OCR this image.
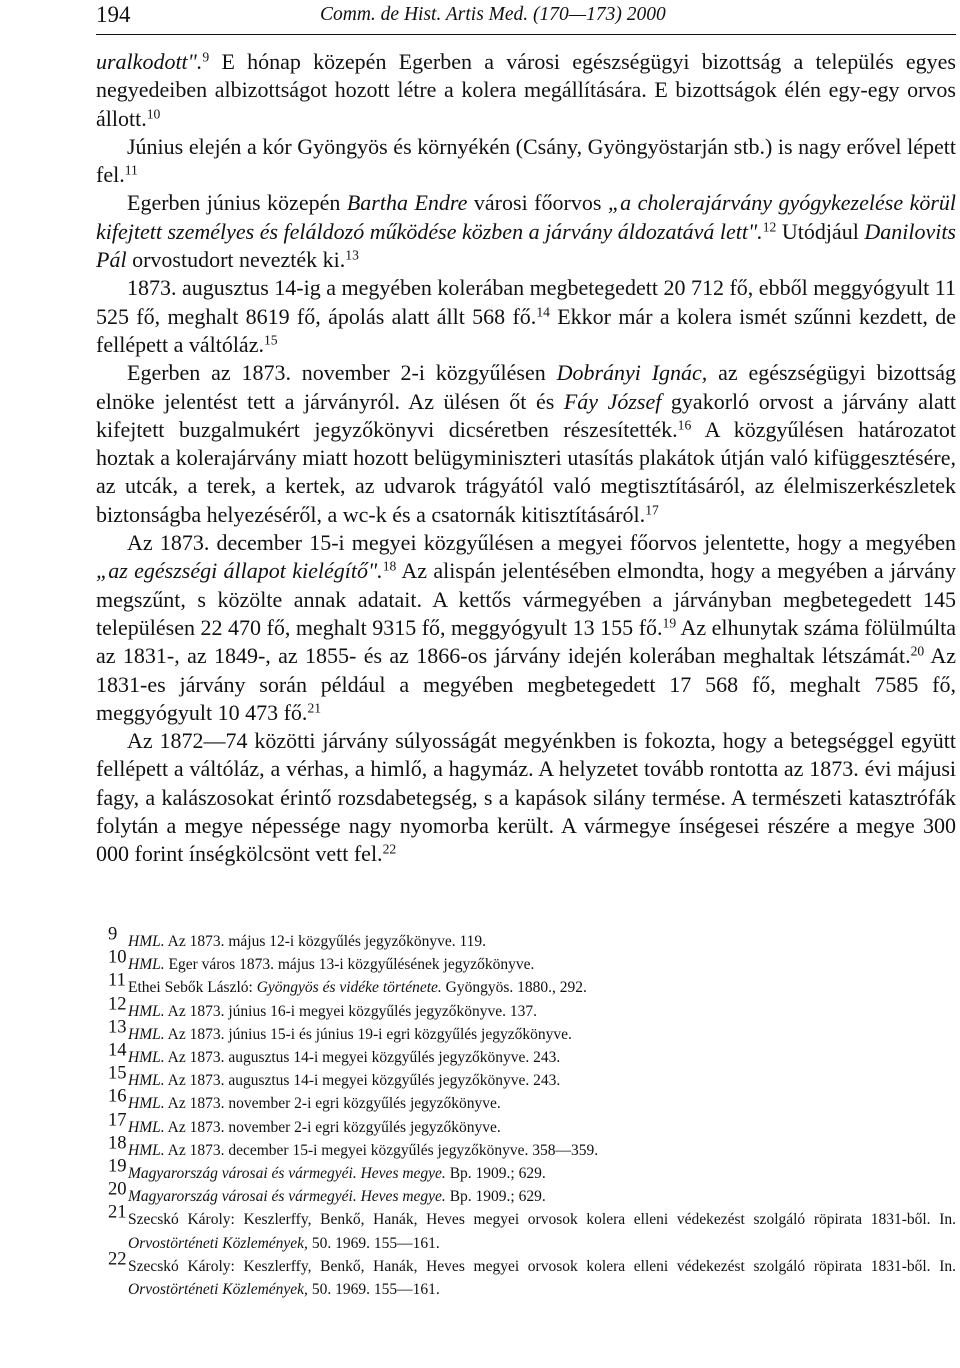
194	Comm. de Hist. Artis Med. (170—173) 2000

uralkodott".$^9$ E hónap közepén Egerben a városi egészségügyi bizottság a település egyes negyedeiben albizottságot hozott létre a kolera megállítására. E bizottságok élén egy-egy orvos állott.$^{10}$

Június elején a kór Gyöngyös és környékén (Csány, Gyöngyöstarján stb.) is nagy erővel lépett fel.$^{11}$

Egerben június közepén Bartha Endre városi főorvos „a cholerajárvány gyógykezelése körül kifejtett személyes és feláldozó működése közben a járvány áldozatává lett".$^{12}$ Utódjául Danilovits Pál orvostudort nevezték ki.$^{13}$

1873. augusztus 14-ig a megyében kolerában megbetegedett 20 712 fő, ebből meggyógyult 11 525 fő, meghalt 8619 fő, ápolás alatt állt 568 fő.$^{14}$ Ekkor már a kolera ismét szűnni kezdett, de fellépett a váltóláz.$^{15}$

Egerben az 1873. november 2-i közgyűlésen Dobrányi Ignác, az egészségügyi bizottság elnöke jelentést tett a járványról. Az ülésen őt és Fáy József gyakorló orvost a járvány alatt kifejtett buzgalmukért jegyzőkönyvi dicséretben részesítették.$^{16}$ A közgyűlésen határozatot hoztak a kolerajárvány miatt hozott belügyminiszteri utasítás plakátok útján való kifüggesztésére, az utcák, a terek, a kertek, az udvarok trágyától való megtisztításáról, az élelmiszerkészletek biztonságba helyezéséről, a wc-k és a csatornák kitisztításáról.$^{17}$

Az 1873. december 15-i megyei közgyűlésen a megyei főorvos jelentette, hogy a megyében „az egészségi állapot kielégítő".$^{18}$ Az alispán jelentésében elmondta, hogy a megyében a járvány megszűnt, s közölte annak adatait. A kettős vármegyében a járványban megbetegedett 145 településen 22 470 fő, meghalt 9315 fő, meggyógyult 13 155 fő.$^{19}$ Az elhunytak száma fölülmúlta az 1831-, az 1849-, az 1855- és az 1866-os járvány idején kolerában meghaltak létszámát.$^{20}$ Az 1831-es járvány során például a megyében megbetegedett 17 568 fő, meghalt 7585 fő, meggyógyult 10 473 fő.$^{21}$

Az 1872—74 közötti járvány súlyosságát megyénkben is fokozta, hogy a betegséggel együtt fellépett a váltóláz, a vérhas, a himlő, a hagymáz. A helyzetet tovább rontotta az 1873. évi májusi fagy, a kalászosokat érintő rozsdabetegség, s a kapások silány termése. A természeti katasztrófák folytán a megye népessége nagy nyomorba került. A vármegye ínségesei részére a megye 300 000 forint ínségkölcsönt vett fel.$^{22}$

$^9$ HML. Az 1873. május 12-i közgyűlés jegyzőkönyve. 119.
$^{10}$ HML. Eger város 1873. május 13-i közgyűlésének jegyzőkönyve.
$^{11}$ Ethei Sebők László: Gyöngyös és vidéke története. Gyöngyös. 1880., 292.
$^{12}$ HML. Az 1873. június 16-i megyei közgyűlés jegyzőkönyve. 137.
$^{13}$ HML. Az 1873. június 15-i és június 19-i egri közgyűlés jegyzőkönyve.
$^{14}$ HML. Az 1873. augusztus 14-i megyei közgyűlés jegyzőkönyve. 243.
$^{15}$ HML. Az 1873. augusztus 14-i megyei közgyűlés jegyzőkönyve. 243.
$^{16}$ HML. Az 1873. november 2-i egri közgyűlés jegyzőkönyve.
$^{17}$ HML. Az 1873. november 2-i egri közgyűlés jegyzőkönyve.
$^{18}$ HML. Az 1873. december 15-i megyei közgyűlés jegyzőkönyve. 358—359.
$^{19}$ Magyarország városai és vármegyéi. Heves megye. Bp. 1909.; 629.
$^{20}$ Magyarország városai és vármegyéi. Heves megye. Bp. 1909.; 629.
$^{21}$ Szecskó Károly: Keszlerffy, Benkő, Hanák, Heves megyei orvosok kolera elleni védekezést szolgáló röpirata 1831-ből. In. Orvostörténeti Közlemények, 50. 1969. 155—161.
$^{22}$ Szecskó Károly: Keszlerffy, Benkő, Hanák, Heves megyei orvosok kolera elleni védekezést szolgáló röpirata 1831-ből. In. Orvostörténeti Közlemények, 50. 1969. 155—161.
